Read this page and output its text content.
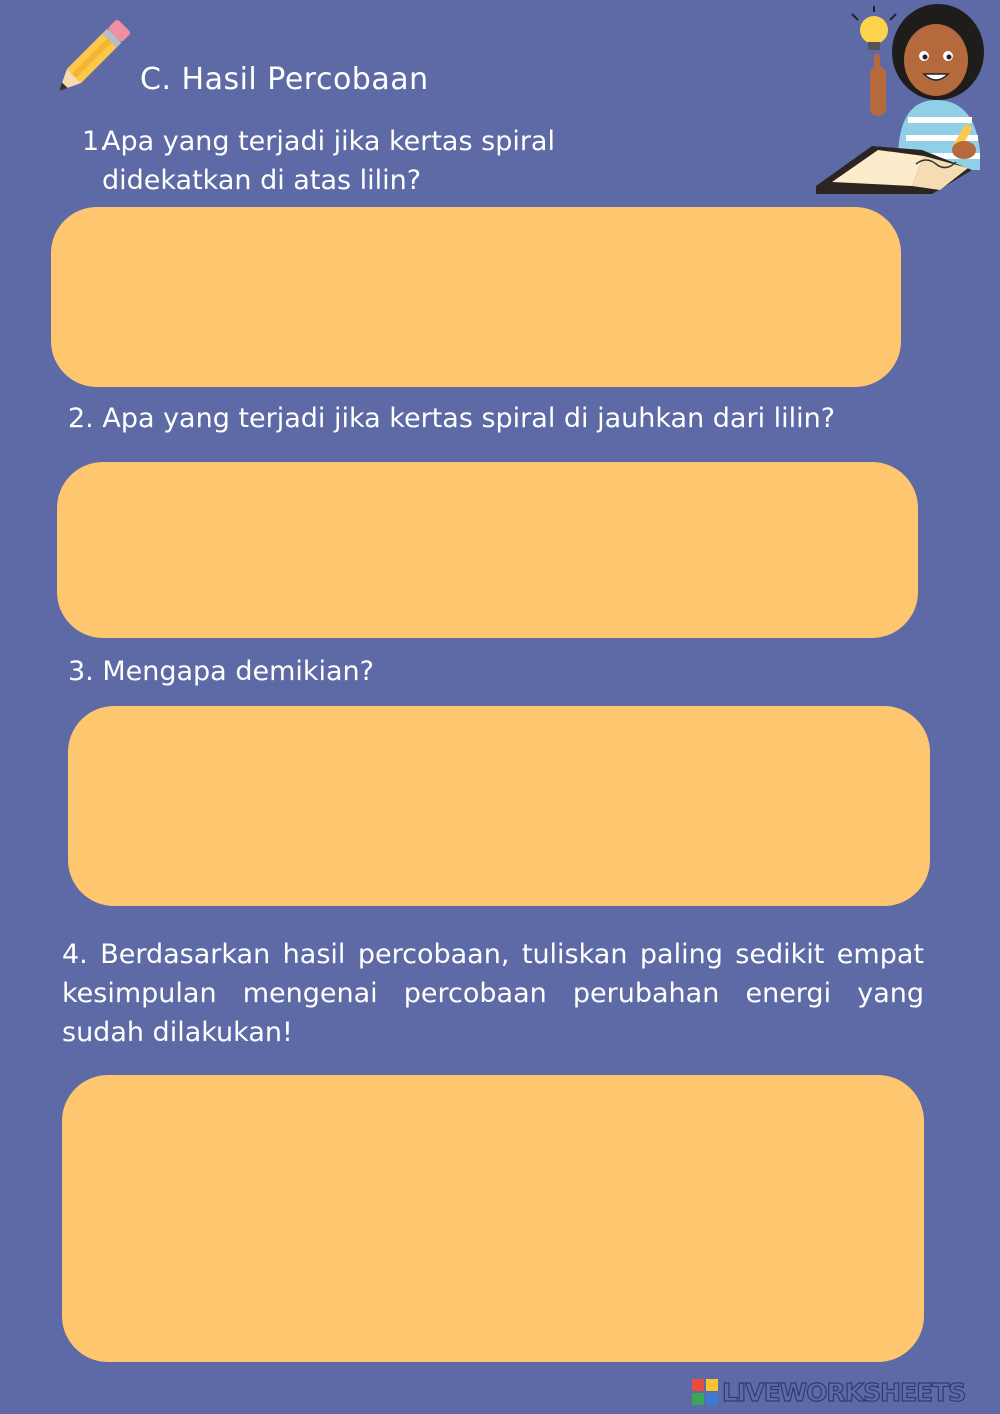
C. Hasil Percobaan
1.
Apa yang terjadi jika kertas spiral didekatkan di atas lilin?

2. Apa yang terjadi jika kertas spiral di jauhkan dari lilin?

3. Mengapa demikian?

4. Berdasarkan hasil percobaan, tuliskan paling sedikit empat kesimpulan mengenai percobaan perubahan energi yang sudah dilakukan!

LIVEWORKSHEETS
